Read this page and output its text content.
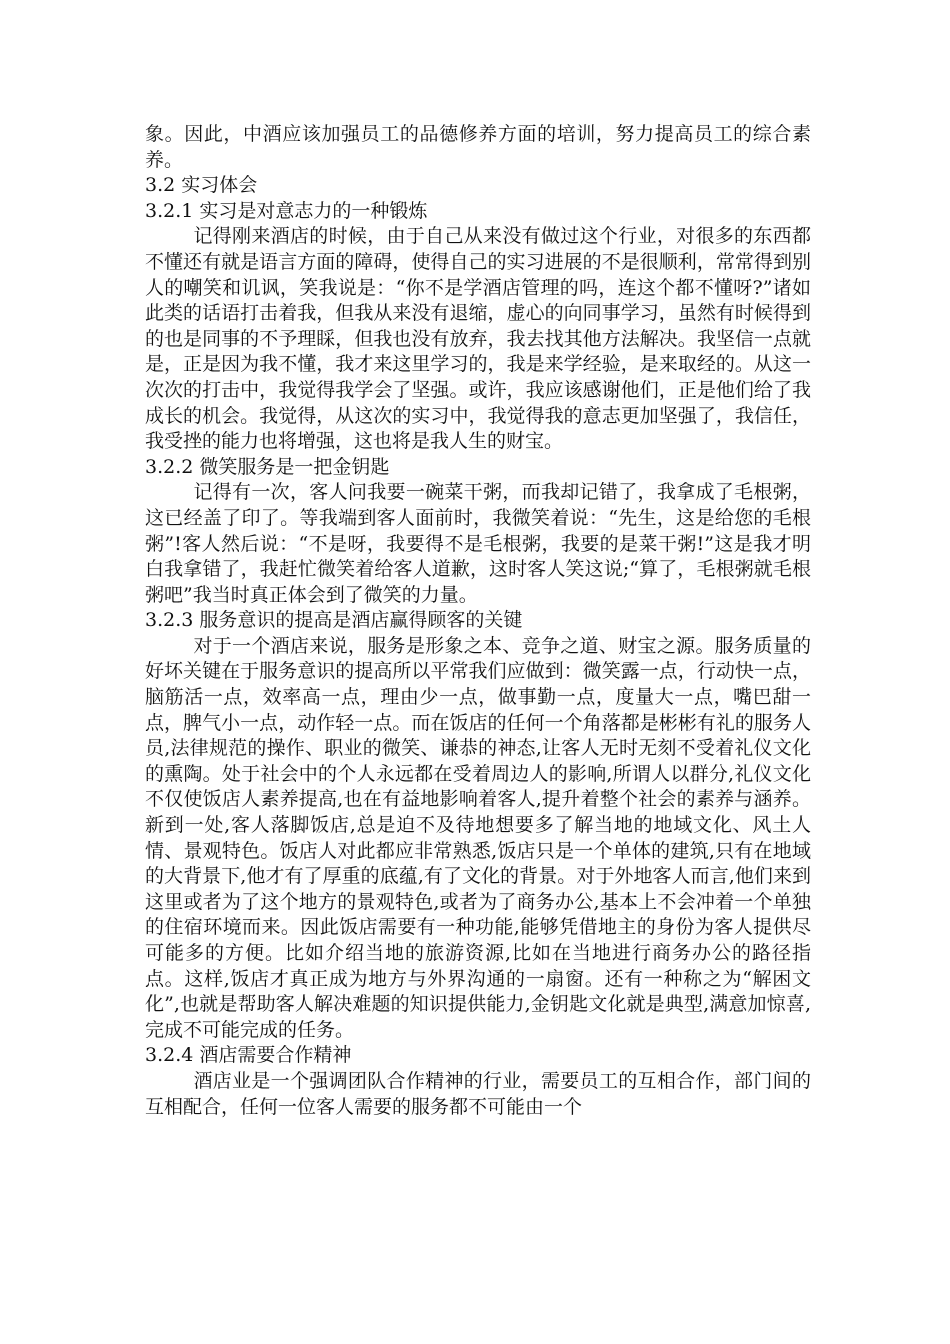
象。因此，中酒应该加强员工的品德修养方面的培训，努力提高员工的综合素养。

3.2 实习体会

3.2.1 实习是对意志力的一种锻炼

记得刚来酒店的时候，由于自己从来没有做过这个行业，对很多的东西都不懂还有就是语言方面的障碍，使得自己的实习进展的不是很顺利，常常得到别人的嘲笑和讥讽，笑我说是：“你不是学酒店管理的吗，连这个都不懂呀?”诸如此类的话语打击着我，但我从来没有退缩，虚心的向同事学习，虽然有时候得到的也是同事的不予理睬，但我也没有放弃，我去找其他方法解决。我坚信一点就是，正是因为我不懂，我才来这里学习的，我是来学经验，是来取经的。从这一次次的打击中，我觉得我学会了坚强。或许，我应该感谢他们，正是他们给了我成长的机会。我觉得，从这次的实习中，我觉得我的意志更加坚强了，我信任，我受挫的能力也将增强，这也将是我人生的财宝。

3.2.2 微笑服务是一把金钥匙

记得有一次，客人问我要一碗菜干粥，而我却记错了，我拿成了毛根粥，这已经盖了印了。等我端到客人面前时，我微笑着说：“先生，这是给您的毛根粥”!客人然后说：“不是呀，我要得不是毛根粥，我要的是菜干粥!”这是我才明白我拿错了，我赶忙微笑着给客人道歉，这时客人笑这说;“算了，毛根粥就毛根粥吧”我当时真正体会到了微笑的力量。

3.2.3 服务意识的提高是酒店赢得顾客的关键

对于一个酒店来说，服务是形象之本、竞争之道、财宝之源。服务质量的好坏关键在于服务意识的提高所以平常我们应做到：微笑露一点，行动快一点，脑筋活一点，效率高一点，理由少一点，做事勤一点，度量大一点，嘴巴甜一点，脾气小一点，动作轻一点。而在饭店的任何一个角落都是彬彬有礼的服务人员,法律规范的操作、职业的微笑、谦恭的神态,让客人无时无刻不受着礼仪文化的熏陶。处于社会中的个人永远都在受着周边人的影响,所谓人以群分,礼仪文化不仅使饭店人素养提高,也在有益地影响着客人,提升着整个社会的素养与涵养。新到一处,客人落脚饭店,总是迫不及待地想要多了解当地的地域文化、风土人情、景观特色。饭店人对此都应非常熟悉,饭店只是一个单体的建筑,只有在地域的大背景下,他才有了厚重的底蕴,有了文化的背景。对于外地客人而言,他们来到这里或者为了这个地方的景观特色,或者为了商务办公,基本上不会冲着一个单独的住宿环境而来。因此饭店需要有一种功能,能够凭借地主的身份为客人提供尽可能多的方便。比如介绍当地的旅游资源,比如在当地进行商务办公的路径指点。这样,饭店才真正成为地方与外界沟通的一扇窗。还有一种称之为“解困文化”,也就是帮助客人解决难题的知识提供能力,金钥匙文化就是典型,满意加惊喜,完成不可能完成的任务。

3.2.4 酒店需要合作精神

酒店业是一个强调团队合作精神的行业，需要员工的互相合作，部门间的互相配合，任何一位客人需要的服务都不可能由一个
